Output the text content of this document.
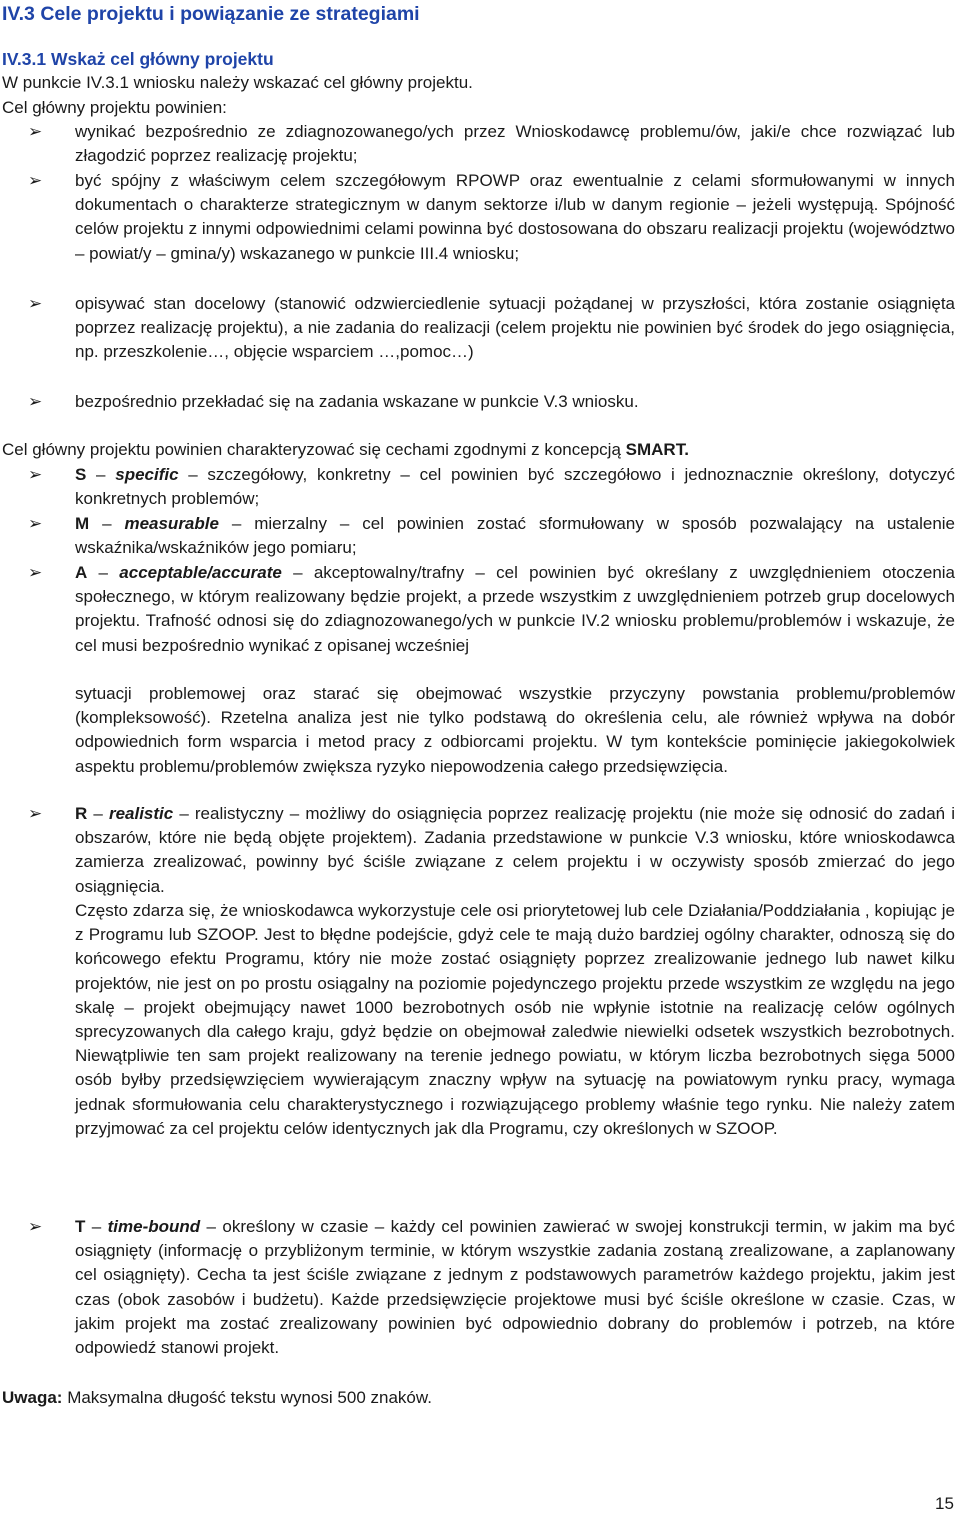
IV.3 Cele projektu i powiązanie ze strategiami
IV.3.1 Wskaż cel główny projektu
W punkcie IV.3.1 wniosku należy wskazać cel główny projektu.
Cel główny projektu powinien:
➢ wynikać bezpośrednio ze zdiagnozowanego/ych przez Wnioskodawcę problemu/ów, jaki/e chce rozwiązać lub złagodzić poprzez realizację projektu;
➢ być spójny z właściwym celem szczegółowym RPOWP oraz ewentualnie z celami sformułowanymi w innych dokumentach o charakterze strategicznym w danym sektorze i/lub w danym regionie – jeżeli występują. Spójność celów projektu z innymi odpowiednimi celami powinna być dostosowana do obszaru realizacji projektu (województwo – powiat/y – gmina/y) wskazanego w punkcie III.4 wniosku;
➢ opisywać stan docelowy (stanowić odzwierciedlenie sytuacji pożądanej w przyszłości, która zostanie osiągnięta poprzez realizację projektu), a nie zadania do realizacji (celem projektu nie powinien być środek do jego osiągnięcia, np. przeszkolenie…, objęcie wsparciem …,pomoc…)
➢ bezpośrednio przekładać się na zadania wskazane w punkcie V.3 wniosku.
Cel główny projektu powinien charakteryzować się cechami zgodnymi z koncepcją SMART.
➢ S – specific – szczegółowy, konkretny – cel powinien być szczegółowo i jednoznacznie określony, dotyczyć konkretnych problemów;
➢ M – measurable – mierzalny – cel powinien zostać sformułowany w sposób pozwalający na ustalenie wskaźnika/wskaźników jego pomiaru;
➢ A – acceptable/accurate – akceptowalny/trafny – cel powinien być określany z uwzględnieniem otoczenia społecznego, w którym realizowany będzie projekt, a przede wszystkim z uwzględnieniem potrzeb grup docelowych projektu. Trafność odnosi się do zdiagnozowanego/ych w punkcie IV.2 wniosku problemu/problemów i wskazuje, że cel musi bezpośrednio wynikać z opisanej wcześniej
sytuacji problemowej oraz starać się obejmować wszystkie przyczyny powstania problemu/problemów (kompleksowość). Rzetelna analiza jest nie tylko podstawą do określenia celu, ale również wpływa na dobór odpowiednich form wsparcia i metod pracy z odbiorcami projektu. W tym kontekście pominięcie jakiegokolwiek aspektu problemu/problemów zwiększa ryzyko niepowodzenia całego przedsięwzięcia.
➢ R – realistic – realistyczny – możliwy do osiągnięcia poprzez realizację projektu (nie może się odnosić do zadań i obszarów, które nie będą objęte projektem). Zadania przedstawione w punkcie V.3 wniosku, które wnioskodawca zamierza zrealizować, powinny być ściśle związane z celem projektu i w oczywisty sposób zmierzać do jego osiągnięcia.
Często zdarza się, że wnioskodawca wykorzystuje cele osi priorytetowej lub cele Działania/Poddziałania , kopiując je z Programu lub SZOOP. Jest to błędne podejście, gdyż cele te mają dużo bardziej ogólny charakter, odnoszą się do końcowego efektu Programu, który nie może zostać osiągnięty poprzez zrealizowanie jednego lub nawet kilku projektów, nie jest on po prostu osiągalny na poziomie pojedynczego projektu przede wszystkim ze względu na jego skalę – projekt obejmujący nawet 1000 bezrobotnych osób nie wpłynie istotnie na realizację celów ogólnych sprecyzowanych dla całego kraju, gdyż będzie on obejmował zaledwie niewielki odsetek wszystkich bezrobotnych. Niewątpliwie ten sam projekt realizowany na terenie jednego powiatu, w którym liczba bezrobotnych sięga 5000 osób byłby przedsięwzięciem wywierającym znaczny wpływ na sytuację na powiatowym rynku pracy, wymaga jednak sformułowania celu charakterystycznego i rozwiązującego problemy właśnie tego rynku. Nie należy zatem przyjmować za cel projektu celów identycznych jak dla Programu, czy określonych w SZOOP.
➢ T – time-bound – określony w czasie – każdy cel powinien zawierać w swojej konstrukcji termin, w jakim ma być osiągnięty (informację o przybliżonym terminie, w którym wszystkie zadania zostaną zrealizowane, a zaplanowany cel osiągnięty). Cecha ta jest ściśle związane z jednym z podstawowych parametrów każdego projektu, jakim jest czas (obok zasobów i budżetu). Każde przedsięwzięcie projektowe musi być ściśle określone w czasie. Czas, w jakim projekt ma zostać zrealizowany powinien być odpowiednio dobrany do problemów i potrzeb, na które odpowiedź stanowi projekt.
Uwaga: Maksymalna długość tekstu wynosi 500 znaków.
15
